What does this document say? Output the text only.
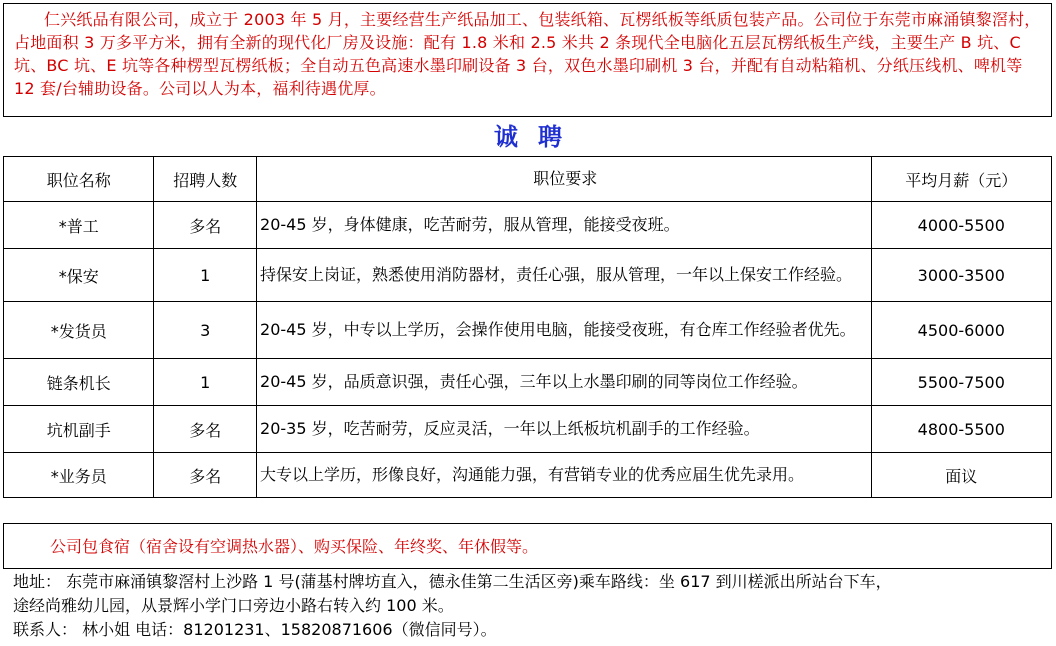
仁兴纸品有限公司，成立于 2003 年 5 月，主要经营生产纸品加工、包装纸箱、瓦楞纸板等纸质包装产品。公司位于东莞市麻涌镇黎滘村，占地面积 3 万多平方米，拥有全新的现代化厂房及设施：配有 1.8 米和 2.5 米共 2 条现代全电脑化五层瓦楞纸板生产线，主要生产 B 坑、C 坑、BC 坑、E 坑等各种楞型瓦楞纸板；全自动五色高速水墨印刷设备 3 台，双色水墨印刷机 3 台，并配有自动粘箱机、分纸压线机、啤机等 12 套/台辅助设备。公司以人为本，福利待遇优厚。
诚聘
职位名称	招聘人数	职位要求	平均月薪（元）
*普工	多名	20-45 岁，身体健康，吃苦耐劳，服从管理，能接受夜班。	4000-5500
*保安	1	持保安上岗证，熟悉使用消防器材，责任心强，服从管理，一年以上保安工作经验。	3000-3500
*发货员	3	20-45 岁，中专以上学历，会操作使用电脑，能接受夜班，有仓库工作经验者优先。	4500-6000
链条机长	1	20-45 岁，品质意识强，责任心强，三年以上水墨印刷的同等岗位工作经验。	5500-7500
坑机副手	多名	20-35 岁，吃苦耐劳，反应灵活，一年以上纸板坑机副手的工作经验。	4800-5500
*业务员	多名	大专以上学历，形像良好，沟通能力强，有营销专业的优秀应届生优先录用。	面议
公司包食宿（宿舍设有空调热水器）、购买保险、年终奖、年休假等。
地址： 东莞市麻涌镇黎滘村上沙路 1 号(蒲基村牌坊直入，德永佳第二生活区旁)乘车路线：坐 617 到川槎派出所站台下车，
途经尚雅幼儿园，从景辉小学门口旁边小路右转入约 100 米。
联系人： 林小姐 电话：81201231、15820871606（微信同号）。
